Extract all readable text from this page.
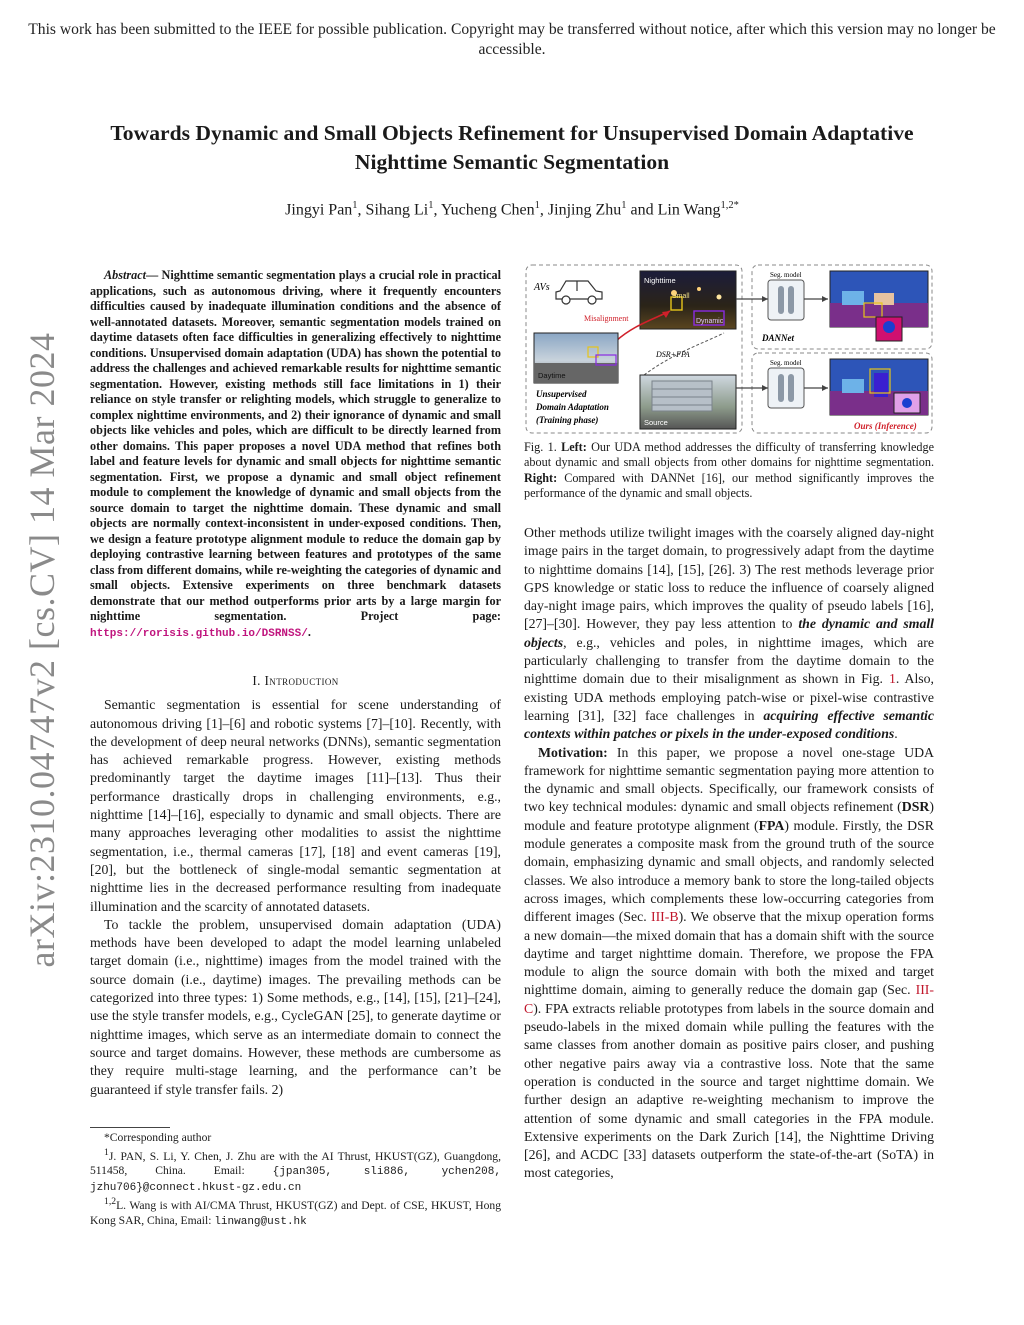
This work has been submitted to the IEEE for possible publication. Copyright may be transferred without notice, after which this version may no longer be accessible.
arXiv:2310.04747v2 [cs.CV] 14 Mar 2024
Towards Dynamic and Small Objects Refinement for Unsupervised Domain Adaptative Nighttime Semantic Segmentation
Jingyi Pan$^1$, Sihang Li$^1$, Yucheng Chen$^1$, Jinjing Zhu$^1$ and Lin Wang$^{1,2*}$
Abstract— Nighttime semantic segmentation plays a crucial role in practical applications, such as autonomous driving, where it frequently encounters difficulties caused by inadequate illumination conditions and the absence of well-annotated datasets. Moreover, semantic segmentation models trained on daytime datasets often face difficulties in generalizing effectively to nighttime conditions. Unsupervised domain adaptation (UDA) has shown the potential to address the challenges and achieved remarkable results for nighttime semantic segmentation. However, existing methods still face limitations in 1) their reliance on style transfer or relighting models, which struggle to generalize to complex nighttime environments, and 2) their ignorance of dynamic and small objects like vehicles and poles, which are difficult to be directly learned from other domains. This paper proposes a novel UDA method that refines both label and feature levels for dynamic and small objects for nighttime semantic segmentation. First, we propose a dynamic and small object refinement module to complement the knowledge of dynamic and small objects from the source domain to target the nighttime domain. These dynamic and small objects are normally context-inconsistent in under-exposed conditions. Then, we design a feature prototype alignment module to reduce the domain gap by deploying contrastive learning between features and prototypes of the same class from different domains, while re-weighting the categories of dynamic and small objects. Extensive experiments on three benchmark datasets demonstrate that our method outperforms prior arts by a large margin for nighttime segmentation. Project page: https://rorisis.github.io/DSRNSS/.

I. Introduction

Semantic segmentation is essential for scene understanding of autonomous driving [1]–[6] and robotic systems [7]–[10]. Recently, with the development of deep neural networks (DNNs), semantic segmentation has achieved remarkable progress. However, existing methods predominantly target the daytime images [11]–[13]. Thus their performance drastically drops in challenging environments, e.g., nighttime [14]–[16], especially to dynamic and small objects. There are many approaches leveraging other modalities to assist the nighttime segmentation, i.e., thermal cameras [17], [18] and event cameras [19], [20], but the bottleneck of single-modal semantic segmentation at nighttime lies in the decreased performance resulting from inadequate illumination and the scarcity of annotated datasets.

To tackle the problem, unsupervised domain adaptation (UDA) methods have been developed to adapt the model learning unlabeled target domain (i.e., nighttime) images from the model trained with the source domain (i.e., daytime) images. The prevailing methods can be categorized into three types: 1) Some methods, e.g., [14], [15], [21]–[24], use the style transfer models, e.g., CycleGAN [25], to generate daytime or nighttime images, which serve as an intermediate domain to connect the source and target domains. However, these methods are cumbersome as they require multi-stage learning, and the performance can’t be guaranteed if style transfer fails. 2)

*Corresponding author
$^1$J. PAN, S. Li, Y. Chen, J. Zhu are with the AI Thrust, HKUST(GZ), Guangdong, 511458, China. Email:	{jpan305, sli886, ychen208, jzhu706}@connect.hkust-gz.edu.cn
$^{1,2}$L. Wang is with AI/CMA Thrust, HKUST(GZ) and Dept. of CSE, HKUST, Hong Kong SAR, China, Email: linwang@ust.hk
AVs
Nighttime
Small
Dynamic
Misalignment
Daytime
DSR+FPA
Source
Unsupervised
Domain Adaptation
(Training phase)
Seg. model
DANNet
Seg. model
Ours (Inference)
Fig. 1. Left: Our UDA method addresses the difficulty of transferring knowledge about dynamic and small objects from other domains for nighttime segmentation. Right: Compared with DANNet [16], our method significantly improves the performance of the dynamic and small objects.

Other methods utilize twilight images with the coarsely aligned day-night image pairs in the target domain, to progressively adapt from the daytime to nighttime domains [14], [15], [26]. 3) The rest methods leverage prior GPS knowledge or static loss to reduce the influence of coarsely aligned day-night image pairs, which improves the quality of pseudo labels [16], [27]–[30]. However, they pay less attention to the dynamic and small objects, e.g., vehicles and poles, in nighttime images, which are particularly challenging to transfer from the daytime domain to the nighttime domain due to their misalignment as shown in Fig. 1. Also, existing UDA methods employing patch-wise or pixel-wise contrastive learning [31], [32] face challenges in acquiring effective semantic contexts within patches or pixels in the under-exposed conditions.

Motivation: In this paper, we propose a novel one-stage UDA framework for nighttime semantic segmentation paying more attention to the dynamic and small objects. Specifically, our framework consists of two key technical modules: dynamic and small objects refinement (DSR) module and feature prototype alignment (FPA) module. Firstly, the DSR module generates a composite mask from the ground truth of the source domain, emphasizing dynamic and small objects, and randomly selected classes. We also introduce a memory bank to store the long-tailed objects across images, which complements these low-occurring categories from different images (Sec. III-B). We observe that the mixup operation forms a new domain—the mixed domain that has a domain shift with the source daytime and target nighttime domain. Therefore, we propose the FPA module to align the source domain with both the mixed and target nighttime domain, aiming to generally reduce the domain gap (Sec. III-C). FPA extracts reliable prototypes from labels in the source domain and pseudo-labels in the mixed domain while pulling the features with the same classes from another domain as positive pairs closer, and pushing other negative pairs away via a contrastive loss. Note that the same operation is conducted in the source and target nighttime domain. We further design an adaptive re-weighting mechanism to improve the attention of some dynamic and small categories in the FPA module. Extensive experiments on the Dark Zurich [14], the Nighttime Driving [26], and ACDC [33] datasets outperform the state-of-the-art (SoTA) in most categories,
